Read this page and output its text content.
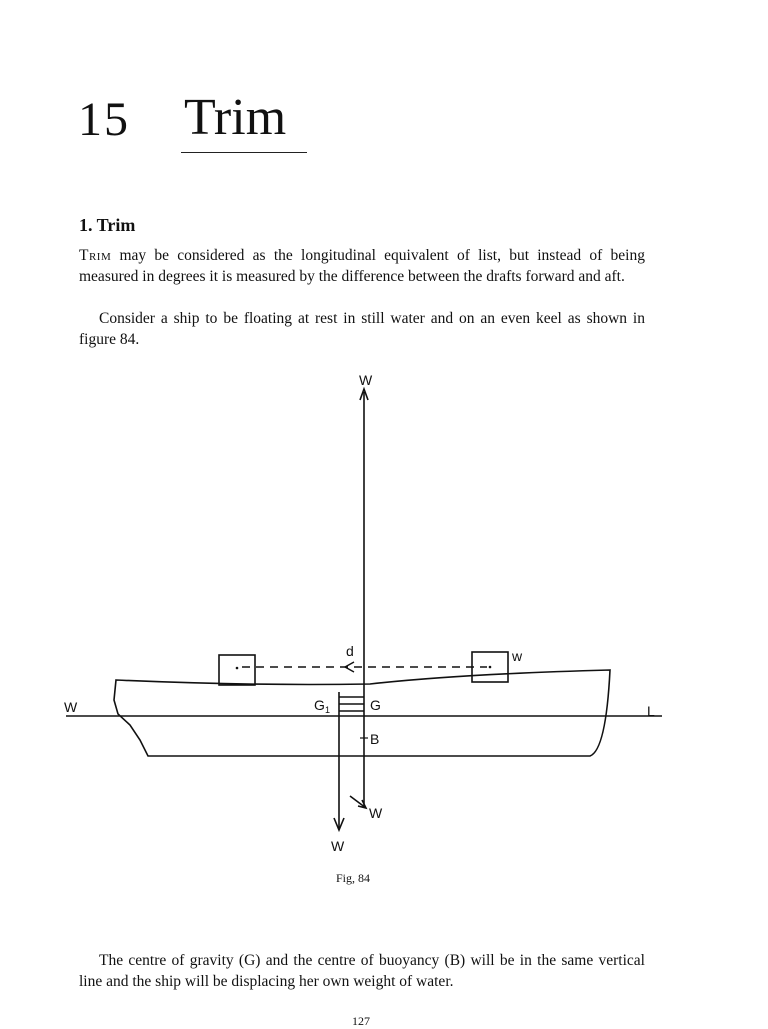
15 Trim
1. Trim
Trim may be considered as the longitudinal equivalent of list, but instead of being measured in degrees it is measured by the difference between the drafts forward and aft.
Consider a ship to be floating at rest in still water and on an even keel as shown in figure 84.
W
d	w
W	L
G 1	G
B
W
W
Fig, 84
The centre of gravity (G) and the centre of buoyancy (B) will be in the same vertical line and the ship will be displacing her own weight of water.
127
